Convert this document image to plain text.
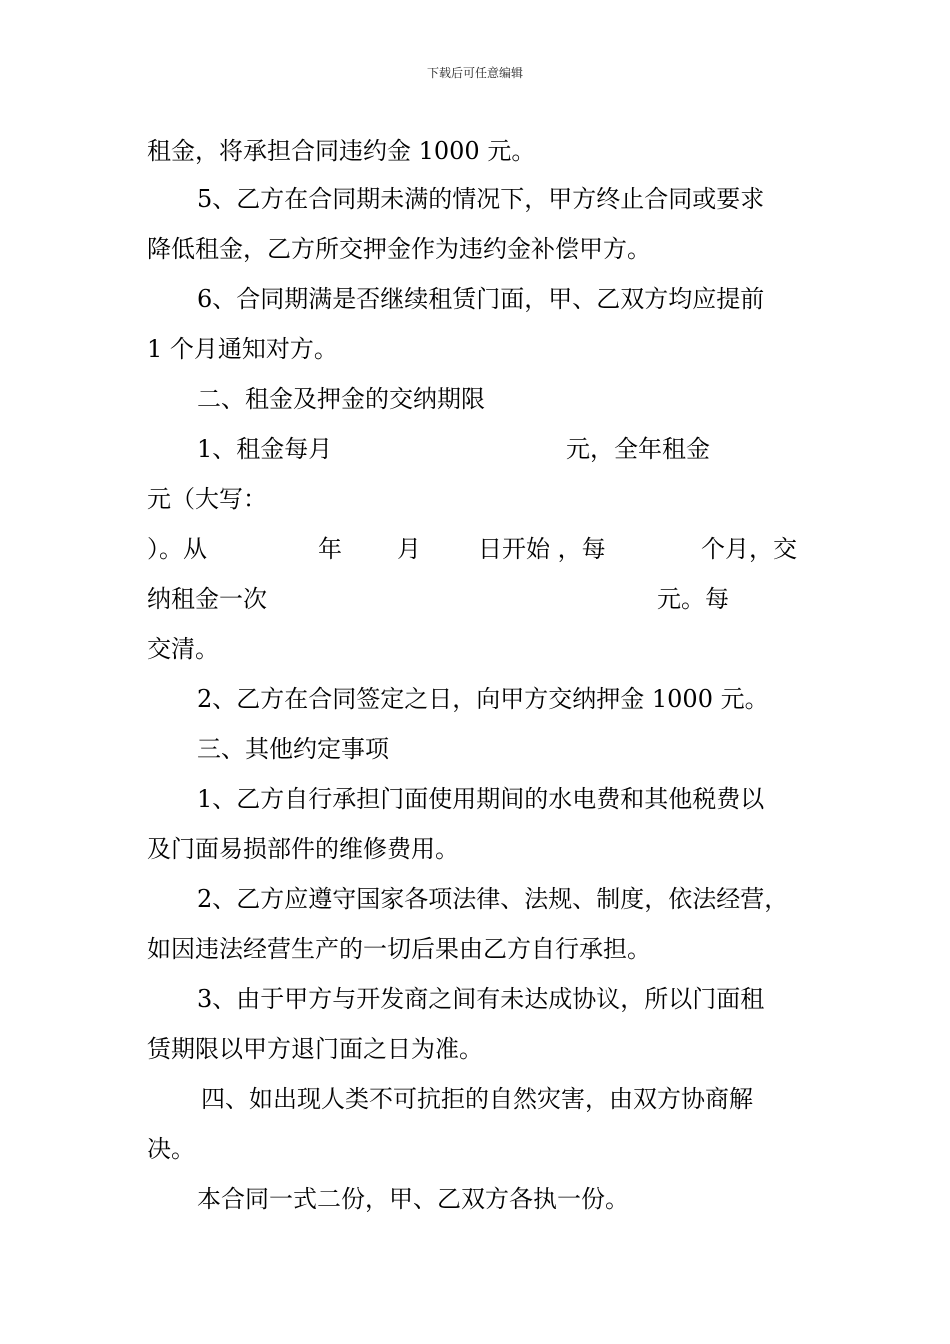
下载后可任意编辑
租金，将承担合同违约金 1000 元。
5、乙方在合同期未满的情况下，甲方终止合同或要求
降低租金，乙方所交押金作为违约金补偿甲方。
6、合同期满是否继续租赁门面，甲、乙双方均应提前
1 个月通知对方。
二、租金及押金的交纳期限

1、租金每月

	元，全年租金

元（大写：

）。从

	年

月

日开始 ，每

	个月，交

纳租金一次

	元。每

交清。
2、乙方在合同签定之日，向甲方交纳押金 1000 元。
三、其他约定事项
1、乙方自行承担门面使用期间的水电费和其他税费以
及门面易损部件的维修费用。
2、乙方应遵守国家各项法律、法规、制度，依法经营，
如因违法经营生产的一切后果由乙方自行承担。
3、由于甲方与开发商之间有未达成协议，所以门面租
赁期限以甲方退门面之日为准。
四、如出现人类不可抗拒的自然灾害，由双方协商解
决。
本合同一式二份，甲、乙双方各执一份。
